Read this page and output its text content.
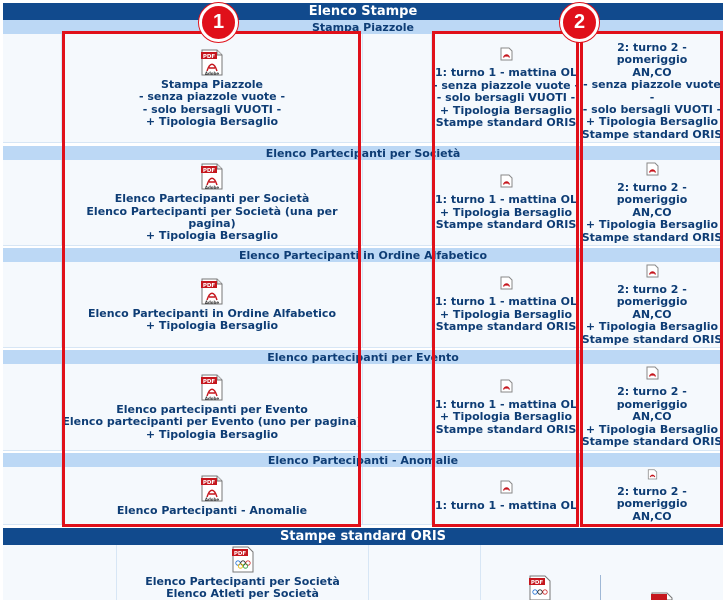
Elenco Stampe
Stampa Piazzole
PDF
Adobe
Stampa Piazzole
- senza piazzole vuote -
- solo bersagli VUOTI -
+ Tipologia Bersaglio
1: turno 1 - mattina OL
- senza piazzole vuote -
- solo bersagli VUOTI -
+ Tipologia Bersaglio
Stampe standard ORIS
2: turno 2 - pomeriggio
AN,CO
- senza piazzole vuote -
- solo bersagli VUOTI -
+ Tipologia Bersaglio
Stampe standard ORIS
Elenco Partecipanti per Società
PDF
Adobe
Elenco Partecipanti per Società
Elenco Partecipanti per Società (una per pagina)
+ Tipologia Bersaglio
1: turno 1 - mattina OL
+ Tipologia Bersaglio
Stampe standard ORIS
2: turno 2 - pomeriggio
AN,CO
+ Tipologia Bersaglio
Stampe standard ORIS
Elenco Partecipanti in Ordine Alfabetico
PDF
Adobe
Elenco Partecipanti in Ordine Alfabetico
+ Tipologia Bersaglio
1: turno 1 - mattina OL
+ Tipologia Bersaglio
Stampe standard ORIS
2: turno 2 - pomeriggio
AN,CO
+ Tipologia Bersaglio
Stampe standard ORIS
Elenco partecipanti per Evento
PDF
Adobe
Elenco partecipanti per Evento
Elenco partecipanti per Evento (uno per pagina)
+ Tipologia Bersaglio
1: turno 1 - mattina OL
+ Tipologia Bersaglio
Stampe standard ORIS
2: turno 2 - pomeriggio
AN,CO
+ Tipologia Bersaglio
Stampe standard ORIS
Elenco Partecipanti - Anomalie
PDF
Adobe
Elenco Partecipanti - Anomalie	1: turno 1 - mattina OL
2: turno 2 - pomeriggio
AN,CO
Stampe standard ORIS
PDF
Elenco Partecipanti per Società
Elenco Atleti per Società
PDF
1	2
